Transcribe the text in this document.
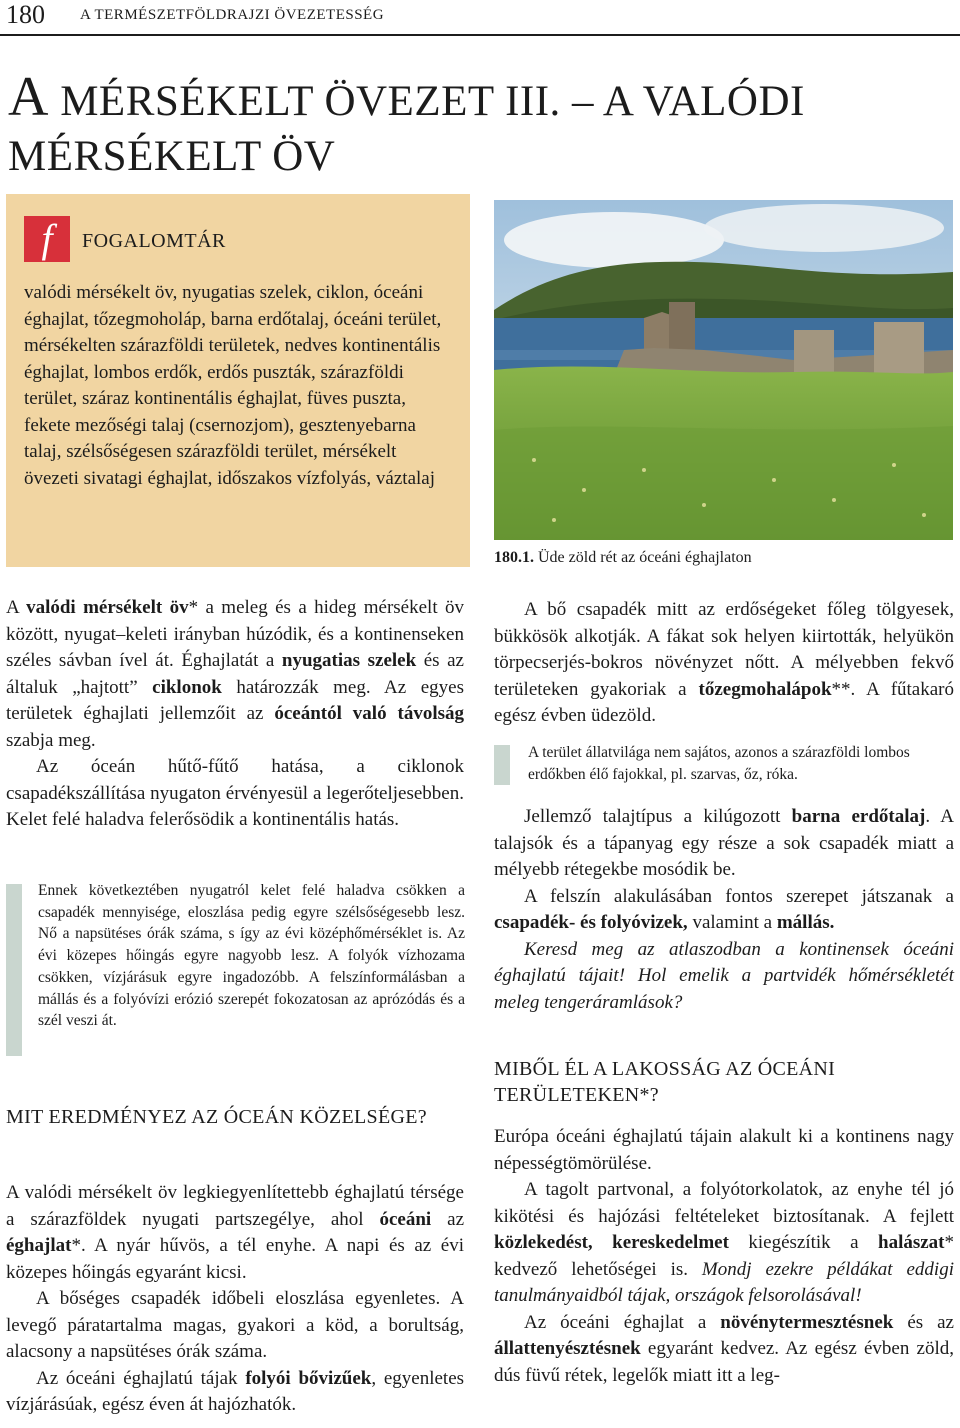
180 A TERMÉSZETFÖLDRAJZI ÖVEZETESSÉG
A MÉRSÉKELT ÖVEZET III. – A VALÓDI MÉRSÉKELT ÖV
f	FOGALOMTÁR

valódi mérsékelt öv, nyugatias szelek, ciklon, óceáni éghajlat, tőzegmoholáp, barna erdőtalaj, óceáni terület, mérsékelten szárazföldi területek, nedves kontinentális éghajlat, lombos erdők, erdős puszták, szárazföldi terület, száraz kontinentális éghajlat, füves puszta, fekete mezőségi talaj (csernozjom), gesztenyebarna talaj, szélsőségesen szárazföldi terület, mérsékelt övezeti sivatagi éghajlat, időszakos vízfolyás, váztalaj

180.1. Üde zöld rét az óceáni éghajlaton

A valódi mérsékelt öv* a meleg és a hideg mérsékelt öv között, nyugat–keleti irányban húzódik, és a kontinenseken széles sávban ível át. Éghajlatát a nyugatias szelek és az általuk „hajtott” ciklonok határozzák meg. Az egyes területek éghajlati jellemzőit az óceántól való távolság szabja meg.

Az óceán hűtő-fűtő hatása, a ciklonok csapadékszállítása nyugaton érvényesül a legerőteljesebben. Kelet felé haladva felerősödik a kontinentális hatás.

Ennek következtében nyugatról kelet felé haladva csökken a csapadék mennyisége, eloszlása pedig egyre szélsőségesebb lesz. Nő a napsütéses órák száma, s így az évi középhőmérséklet is. Az évi közepes hőingás egyre nagyobb lesz. A folyók vízhozama csökken, vízjárásuk egyre ingadozóbb. A felszínformálásban a mállás és a folyóvízi erózió szerepét fokozatosan az aprózódás és a szél veszi át.

MIT EREDMÉNYEZ AZ ÓCEÁN KÖZELSÉGE?

A valódi mérsékelt öv legkiegyenlítettebb éghajlatú térsége a szárazföldek nyugati partszegélye, ahol óceáni az éghajlat*. A nyár hűvös, a tél enyhe. A napi és az évi közepes hőingás egyaránt kicsi.

A bőséges csapadék időbeli eloszlása egyenletes. A levegő páratartalma magas, gyakori a köd, a borultság, alacsony a napsütéses órák száma.

Az óceáni éghajlatú tájak folyói bővizűek, egyenletes vízjárásúak, egész éven át hajózhatók.

A bő csapadék mitt az erdőségeket főleg tölgyesek, bükkösök alkotják. A fákat sok helyen kiirtották, helyükön törpecserjés-bokros növényzet nőtt. A mélyebben fekvő területeken gyakoriak a tőzegmohalápok**. A fűtakaró egész évben üdezöld.

A terület állatvilága nem sajátos, azonos a szárazföldi lombos erdőkben élő fajokkal, pl. szarvas, őz, róka.

Jellemző talajtípus a kilúgozott barna erdőtalaj. A talajsók és a tápanyag egy része a sok csapadék miatt a mélyebb rétegekbe mosódik be.

A felszín alakulásában fontos szerepet játszanak a csapadék- és folyóvizek, valamint a mállás.

Keresd meg az atlaszodban a kontinensek óceáni éghajlatú tájait! Hol emelik a partvidék hőmérsékletét meleg tengeráramlások?

MIBŐL ÉL A LAKOSSÁG AZ ÓCEÁNI TERÜLETEKEN*?

Európa óceáni éghajlatú tájain alakult ki a kontinens nagy népességtömörülése.

A tagolt partvonal, a folyótorkolatok, az enyhe tél jó kikötési és hajózási feltételeket biztosítanak. A fejlett közlekedést, kereskedelmet kiegészítik a halászat* kedvező lehetőségei is. Mondj ezekre példákat eddigi tanulmányaidból tájak, országok felsorolásával!

Az óceáni éghajlat a növénytermesztésnek és az állattenyésztésnek egyaránt kedvez. Az egész évben zöld, dús füvű rétek, legelők miatt itt a leg-
